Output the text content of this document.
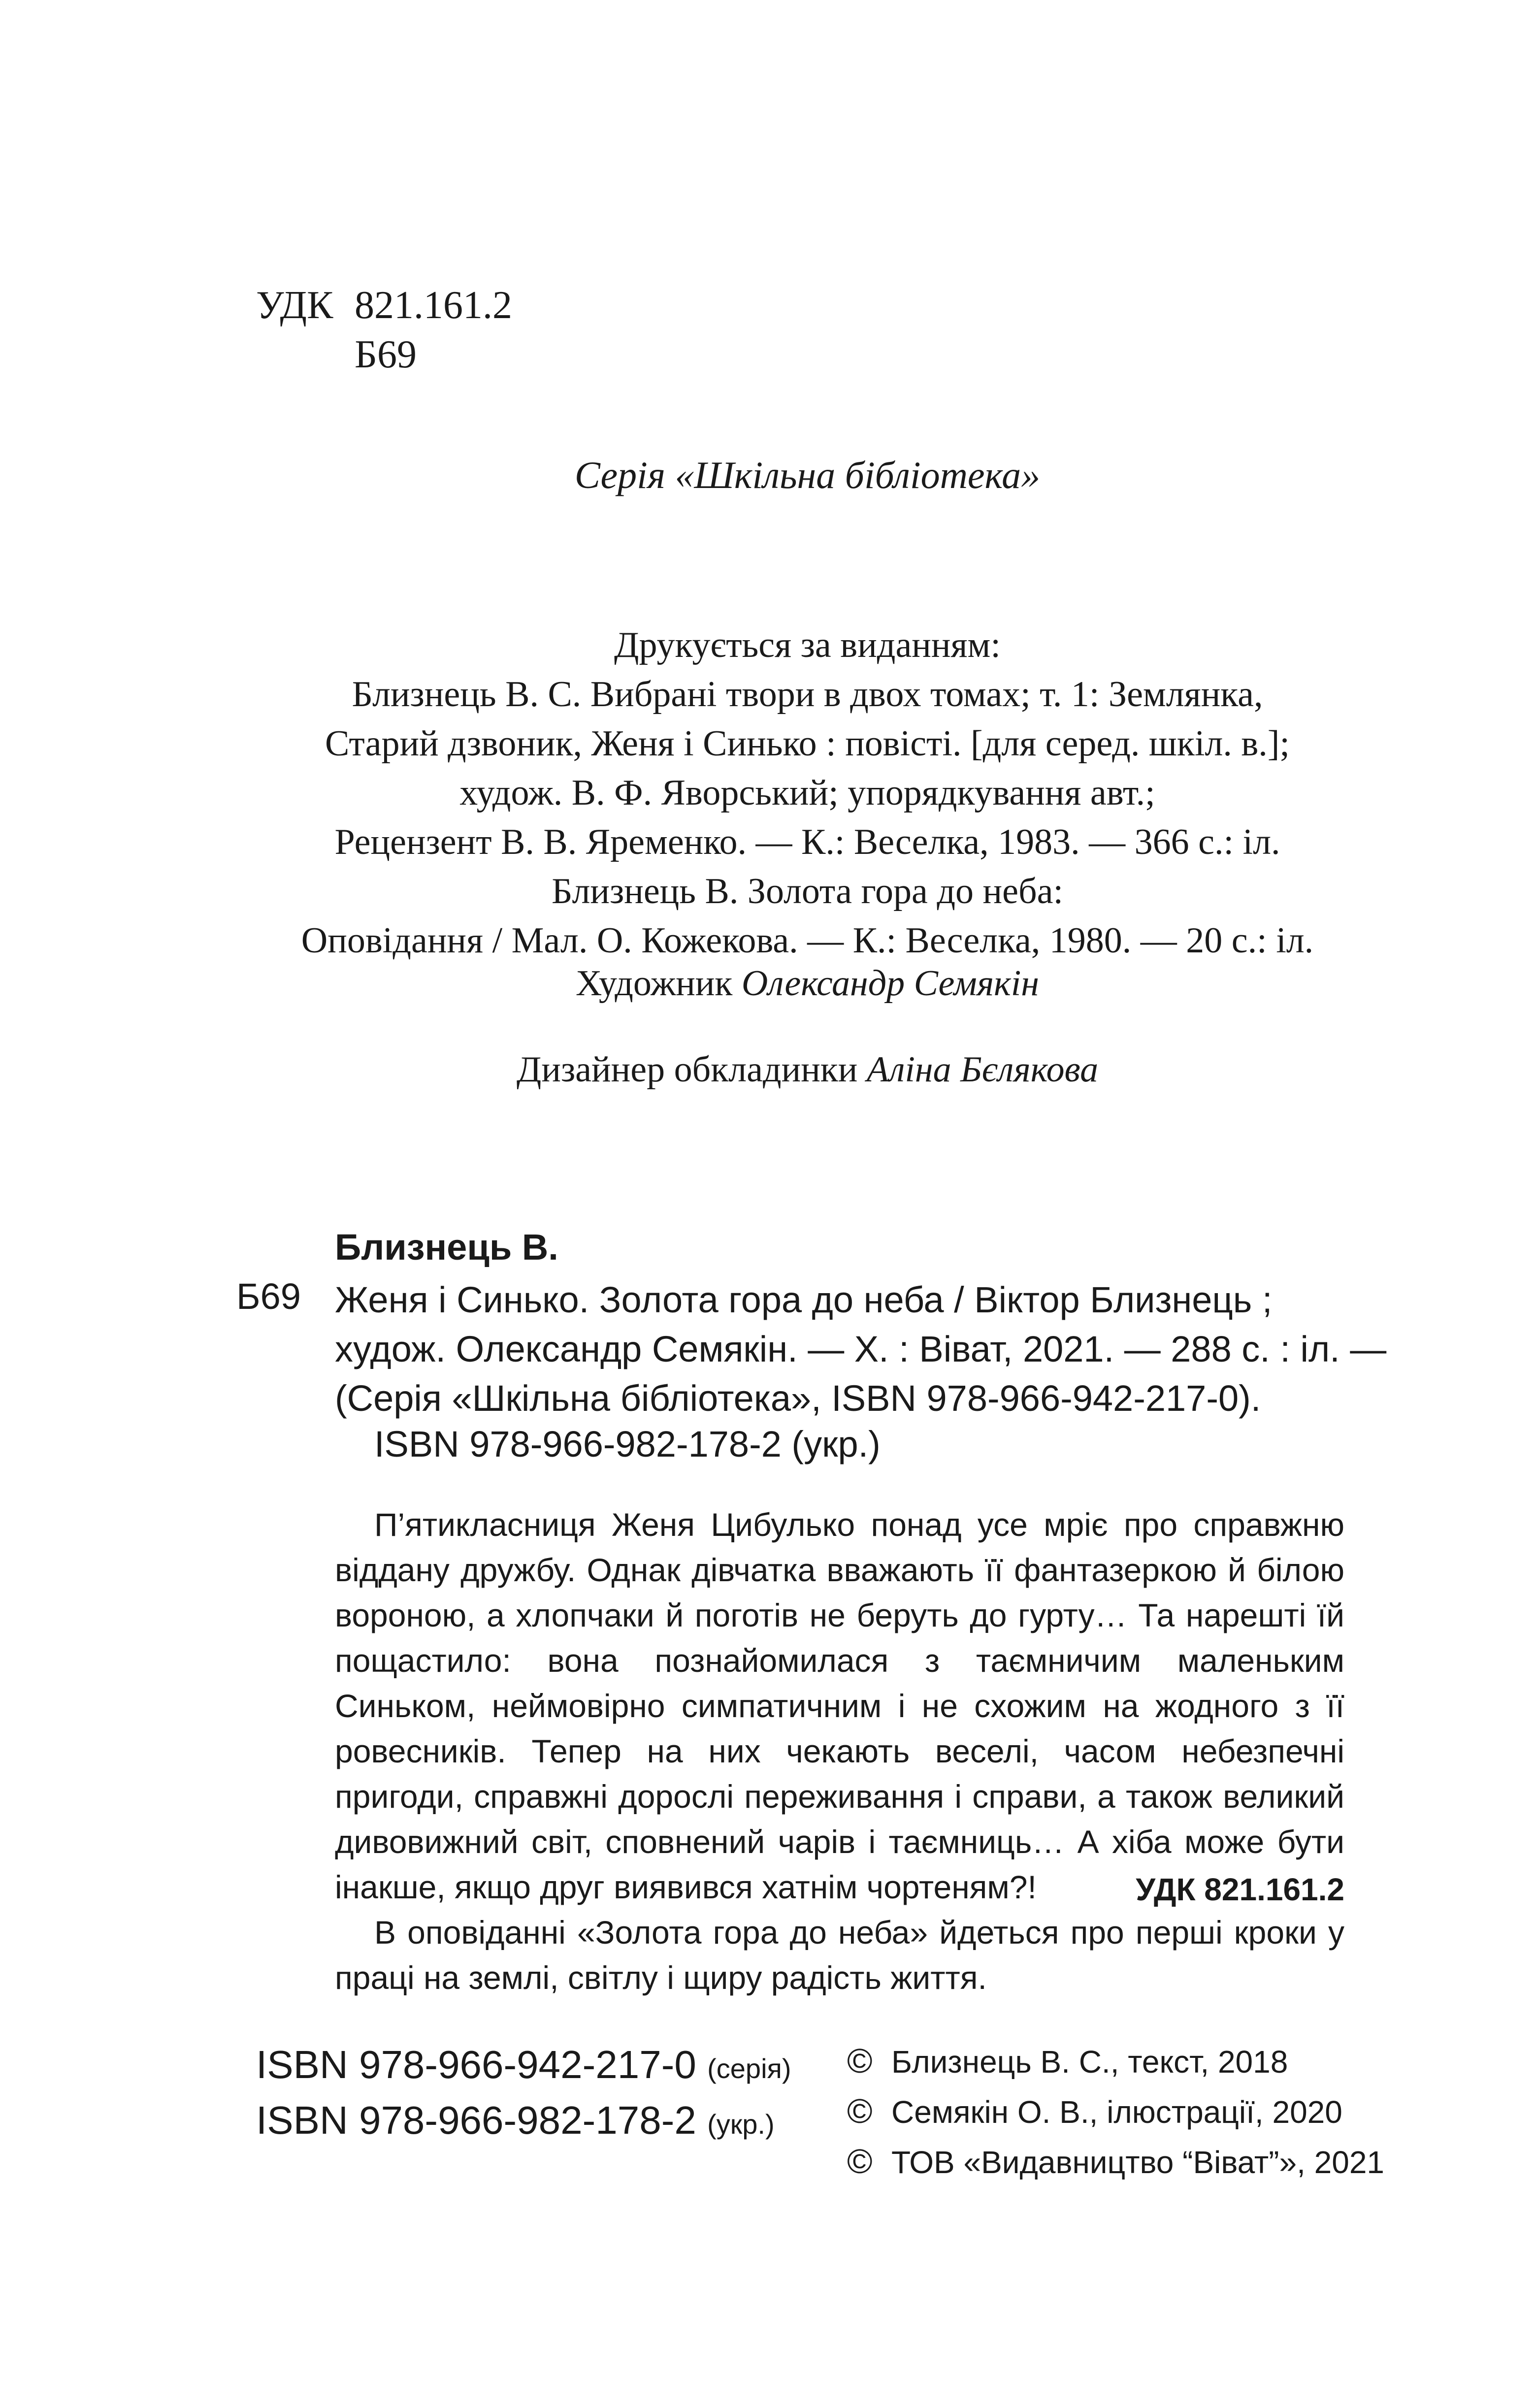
УДК 821.161.2
Б69
Серія «Шкільна бібліотека»
Друкується за виданням:
Близнець В. С. Вибрані твори в двох томах; т. 1: Землянка,
Старий дзвоник, Женя і Синько : повісті. [для серед. шкіл. в.];
худож. В. Ф. Яворський; упорядкування авт.;
Рецензент В. В. Яременко. — К.: Веселка, 1983. — 366 с.: іл.
Близнець В. Золота гора до неба:
Оповідання / Мал. О. Кожекова. — К.: Веселка, 1980. — 20 с.: іл.
Художник Олександр Семякін
Дизайнер обкладинки Аліна Бєлякова
Близнець В.
Б69 Женя і Синько. Золота гора до неба / Віктор Близнець ;
худож. Олександр Семякін. — Х. : Віват, 2021. — 288 с. : іл. —
(Серія «Шкільна бібліотека», ISBN 978-966-942-217-0).
ISBN 978-966-982-178-2 (укр.)

П’ятикласниця Женя Цибулько понад усе мріє про справжню віддану дружбу. Однак дівчатка вважають її фантазеркою й білою вороною, а хлопчаки й поготів не беруть до гурту… Та нарешті їй пощастило: вона познайомилася з таємничим маленьким Синьком, неймовірно симпатичним і не схожим на жодного з її ровесників. Тепер на них чекають веселі, часом небезпечні пригоди, справжні дорослі переживання і справи, а також великий дивовижний світ, сповнений чарів і таємниць… А хіба може бути інакше, якщо друг виявився хатнім чортеням?!

В оповіданні «Золота гора до неба» йдеться про перші кроки у праці на землі, світлу і щиру радість життя.

УДК 821.161.2
ISBN 978-966-942-217-0 (серія)
ISBN 978-966-982-178-2 (укр.)
© Близнець В. С., текст, 2018
© Семякін О. В., ілюстрації, 2020
© ТОВ «Видавництво “Віват”», 2021
